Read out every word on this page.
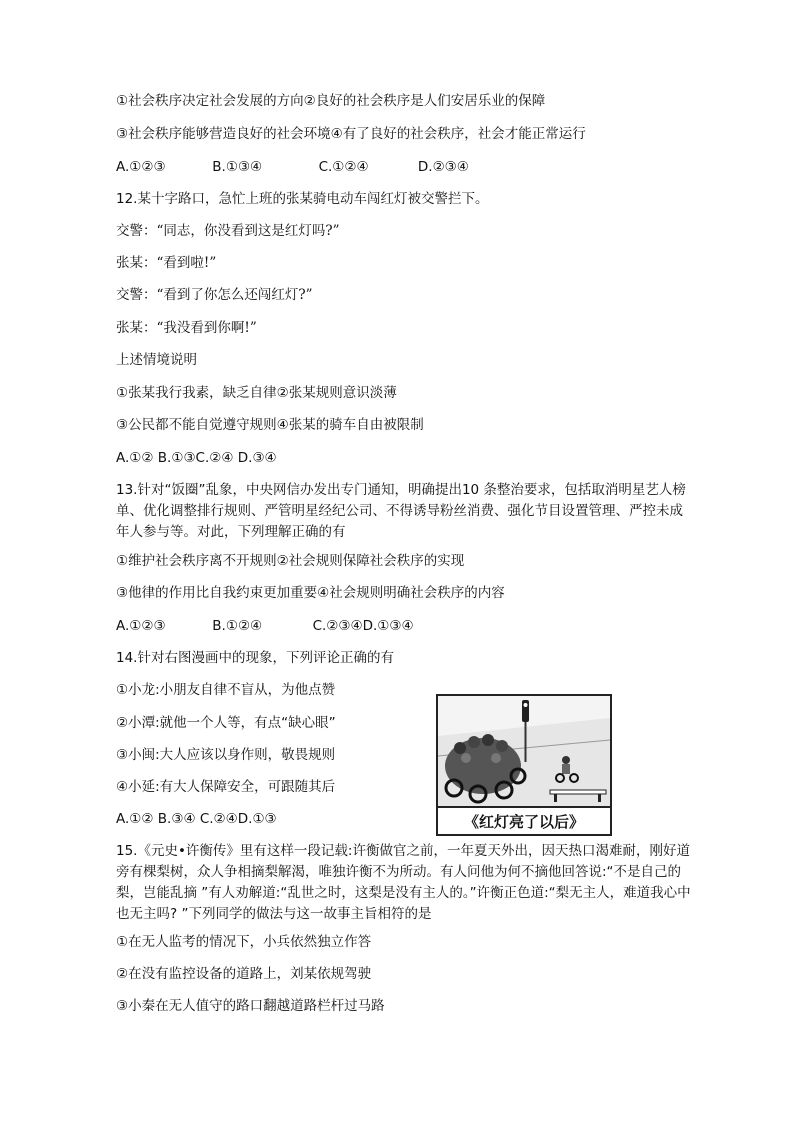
①社会秩序决定社会发展的方向②良好的社会秩序是人们安居乐业的保障
③社会秩序能够营造良好的社会环境④有了良好的社会秩序，社会才能正常运行
A.①②③	B.①③④	C.①②④	D.②③④
12.某十字路口，急忙上班的张某骑电动车闯红灯被交警拦下。
交警：“同志，你没看到这是红灯吗?”
张某：“看到啦!”
交警：“看到了你怎么还闯红灯?”
张某：“我没看到你啊!”
上述情境说明
①张某我行我素，缺乏自律②张某规则意识淡薄
③公民都不能自觉遵守规则④张某的骑车自由被限制
A.①② B.①③C.②④ D.③④
13.针对“饭圈”乱象，中央网信办发出专门通知，明确提出10 条整治要求，包括取消明星艺人榜单、优化调整排行规则、严管明星经纪公司、不得诱导粉丝消费、强化节目设置管理、严控未成年人参与等。对此，下列理解正确的有
①维护社会秩序离不开规则②社会规则保障社会秩序的实现
③他律的作用比自我约束更加重要④社会规则明确社会秩序的内容
A.①②③	B.①②④	C.②③④D.①③④
14.针对右图漫画中的现象，下列评论正确的有
①小龙:小朋友自律不盲从，为他点赞
②小潭:就他一个人等，有点“缺心眼”
③小闽:大人应该以身作则，敬畏规则
④小延:有大人保障安全，可跟随其后
A.①② B.③④ C.②④D.①③	《红灯亮了以后》
15.《元史•许衡传》里有这样一段记载:许衡做官之前，一年夏天外出，因天热口渴难耐，刚好道旁有棵梨树，众人争相摘梨解渴，唯独许衡不为所动。有人问他为何不摘他回答说:“不是自己的梨，岂能乱摘 ”有人劝解道:“乱世之时，这梨是没有主人的。”许衡正色道:“梨无主人，难道我心中也无主吗? ”下列同学的做法与这一故事主旨相符的是
①在无人监考的情况下，小兵依然独立作答
②在没有监控设备的道路上，刘某依规驾驶
③小秦在无人值守的路口翻越道路栏杆过马路
